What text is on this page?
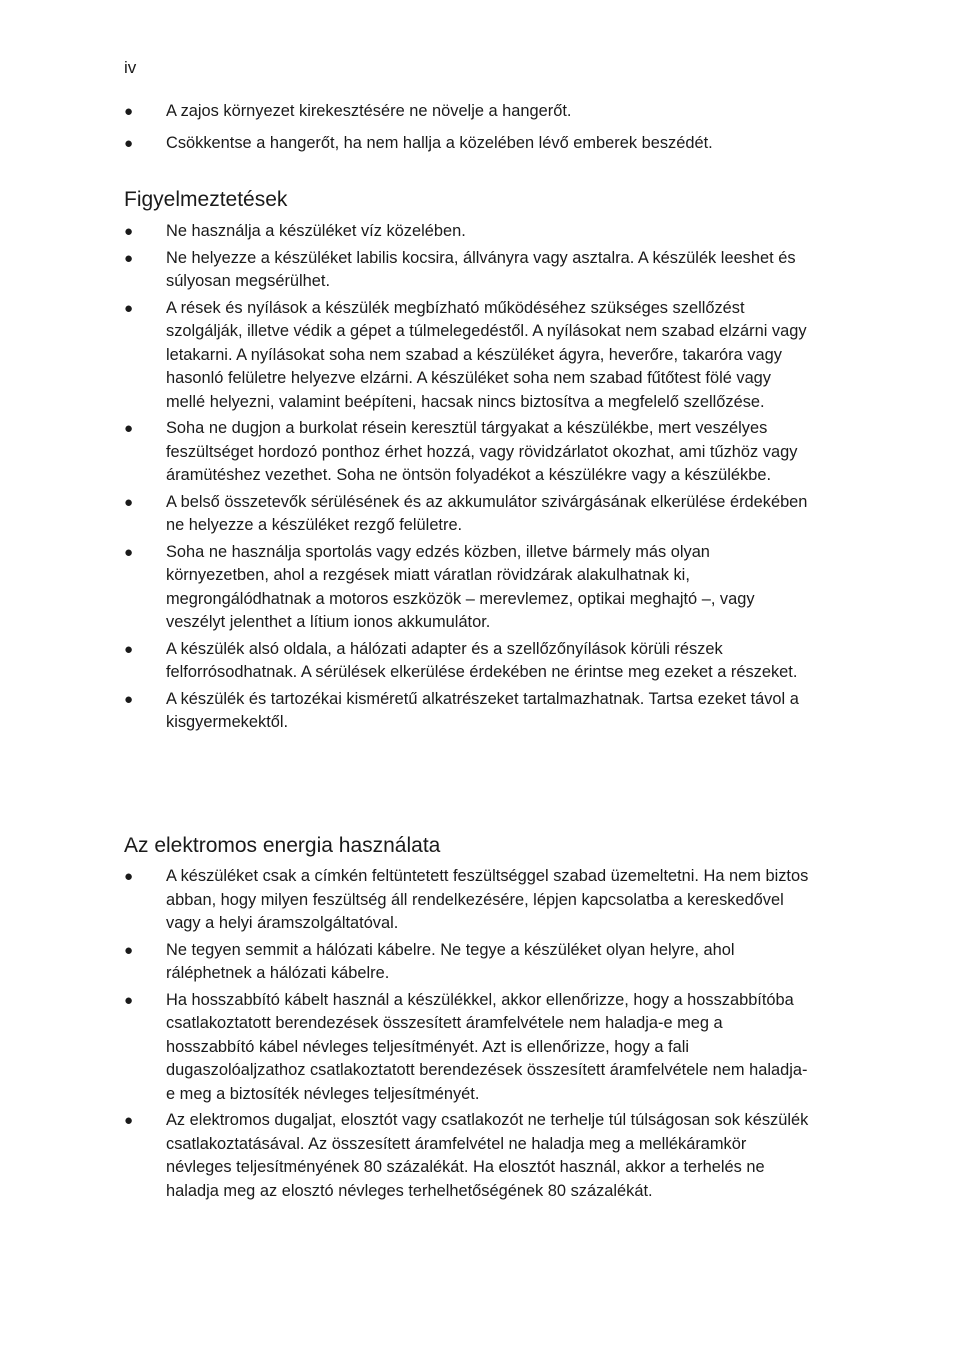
iv
● A zajos környezet kirekesztésére ne növelje a hangerőt.
● Csökkentse a hangerőt, ha nem hallja a közelében lévő emberek beszédét.
Figyelmeztetések
● Ne használja a készüléket víz közelében.
● Ne helyezze a készüléket labilis kocsira, állványra vagy asztalra. A készülék leeshet és súlyosan megsérülhet.
● A rések és nyílások a készülék megbízható működéséhez szükséges szellőzést szolgálják, illetve védik a gépet a túlmelegedéstől. A nyílásokat nem szabad elzárni vagy letakarni. A nyílásokat soha nem szabad a készüléket ágyra, heverőre, takaróra vagy hasonló felületre helyezve elzárni. A készüléket soha nem szabad fűtőtest fölé vagy mellé helyezni, valamint beépíteni, hacsak nincs biztosítva a megfelelő szellőzése.
● Soha ne dugjon a burkolat résein keresztül tárgyakat a készülékbe, mert veszélyes feszültséget hordozó ponthoz érhet hozzá, vagy rövidzárlatot okozhat, ami tűzhöz vagy áramütéshez vezethet. Soha ne öntsön folyadékot a készülékre vagy a készülékbe.
● A belső összetevők sérülésének és az akkumulátor szivárgásának elkerülése érdekében ne helyezze a készüléket rezgő felületre.
● Soha ne használja sportolás vagy edzés közben, illetve bármely más olyan környezetben, ahol a rezgések miatt váratlan rövidzárak alakulhatnak ki, megrongálódhatnak a motoros eszközök – merevlemez, optikai meghajtó –, vagy veszélyt jelenthet a lítium ionos akkumulátor.
● A készülék alsó oldala, a hálózati adapter és a szellőzőnyílások körüli részek felforrósodhatnak. A sérülések elkerülése érdekében ne érintse meg ezeket a részeket.
● A készülék és tartozékai kisméretű alkatrészeket tartalmazhatnak. Tartsa ezeket távol a kisgyermekektől.
Az elektromos energia használata
● A készüléket csak a címkén feltüntetett feszültséggel szabad üzemeltetni. Ha nem biztos abban, hogy milyen feszültség áll rendelkezésére, lépjen kapcsolatba a kereskedővel vagy a helyi áramszolgáltatóval.
● Ne tegyen semmit a hálózati kábelre. Ne tegye a készüléket olyan helyre, ahol ráléphetnek a hálózati kábelre.
● Ha hosszabbító kábelt használ a készülékkel, akkor ellenőrizze, hogy a hosszabbítóba csatlakoztatott berendezések összesített áramfelvétele nem haladja-e meg a hosszabbító kábel névleges teljesítményét. Azt is ellenőrizze, hogy a fali dugaszolóaljzathoz csatlakoztatott berendezések összesített áramfelvétele nem haladja-e meg a biztosíték névleges teljesítményét.
● Az elektromos dugaljat, elosztót vagy csatlakozót ne terhelje túl túlságosan sok készülék csatlakoztatásával. Az összesített áramfelvétel ne haladja meg a mellékáramkör névleges teljesítményének 80 százalékát. Ha elosztót használ, akkor a terhelés ne haladja meg az elosztó névleges terhelhetőségének 80 százalékát.
